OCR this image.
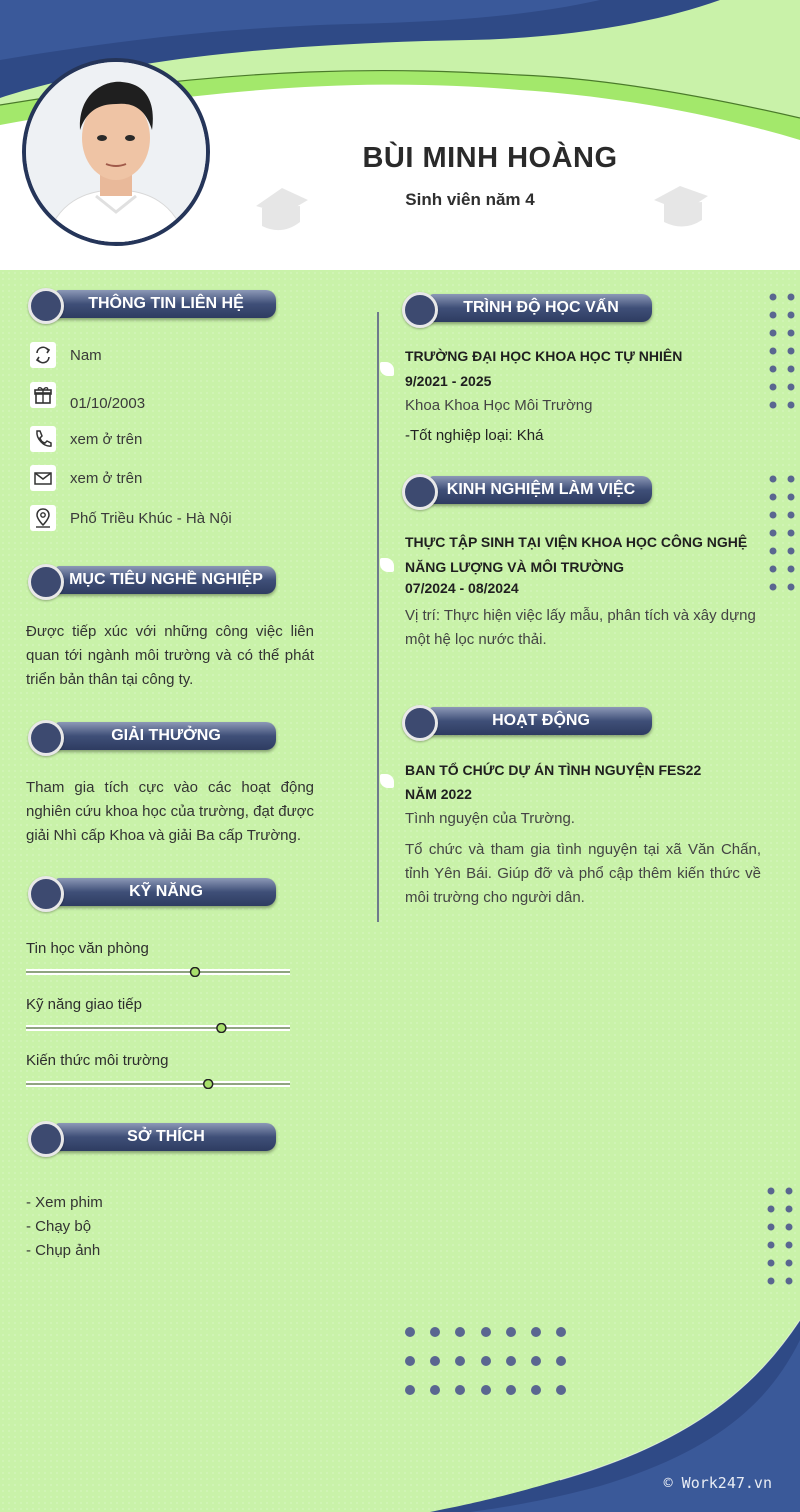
BÙI MINH HOÀNG
Sinh viên năm 4
THÔNG TIN LIÊN HỆ
Nam
01/10/2003
xem ở trên
xem ở trên
Phố Triều Khúc - Hà Nội
MỤC TIÊU NGHỀ NGHIỆP
Được tiếp xúc với những công việc liên quan tới ngành môi trường và có thể phát triển bản thân tại công ty.
GIẢI THƯỞNG
Tham gia tích cực vào các hoạt động nghiên cứu khoa học của trường, đạt được giải Nhì cấp Khoa và giải Ba cấp Trường.
KỸ NĂNG
Tin học văn phòng
Kỹ năng giao tiếp
Kiến thức môi trường
SỞ THÍCH
- Xem phim
- Chạy bộ
- Chụp ảnh
TRÌNH ĐỘ HỌC VẤN
TRƯỜNG ĐẠI HỌC KHOA HỌC TỰ NHIÊN
9/2021 - 2025
Khoa Khoa Học Môi Trường
-Tốt nghiệp loại: Khá
KINH NGHIỆM LÀM VIỆC
THỰC TẬP SINH TẠI VIỆN KHOA HỌC CÔNG NGHỆ NĂNG LƯỢNG VÀ MÔI TRƯỜNG
07/2024 - 08/2024
Vị trí: Thực hiện việc lấy mẫu, phân tích và xây dựng một hệ lọc nước thải.
HOẠT ĐỘNG
BAN TỔ CHỨC DỰ ÁN TÌNH NGUYỆN FES22
NĂM 2022
Tình nguyện của Trường.
Tổ chức và tham gia tình nguyện tại xã Văn Chấn, tỉnh Yên Bái. Giúp đỡ và phổ cập thêm kiến thức về môi trường cho người dân.
© Work247.vn
